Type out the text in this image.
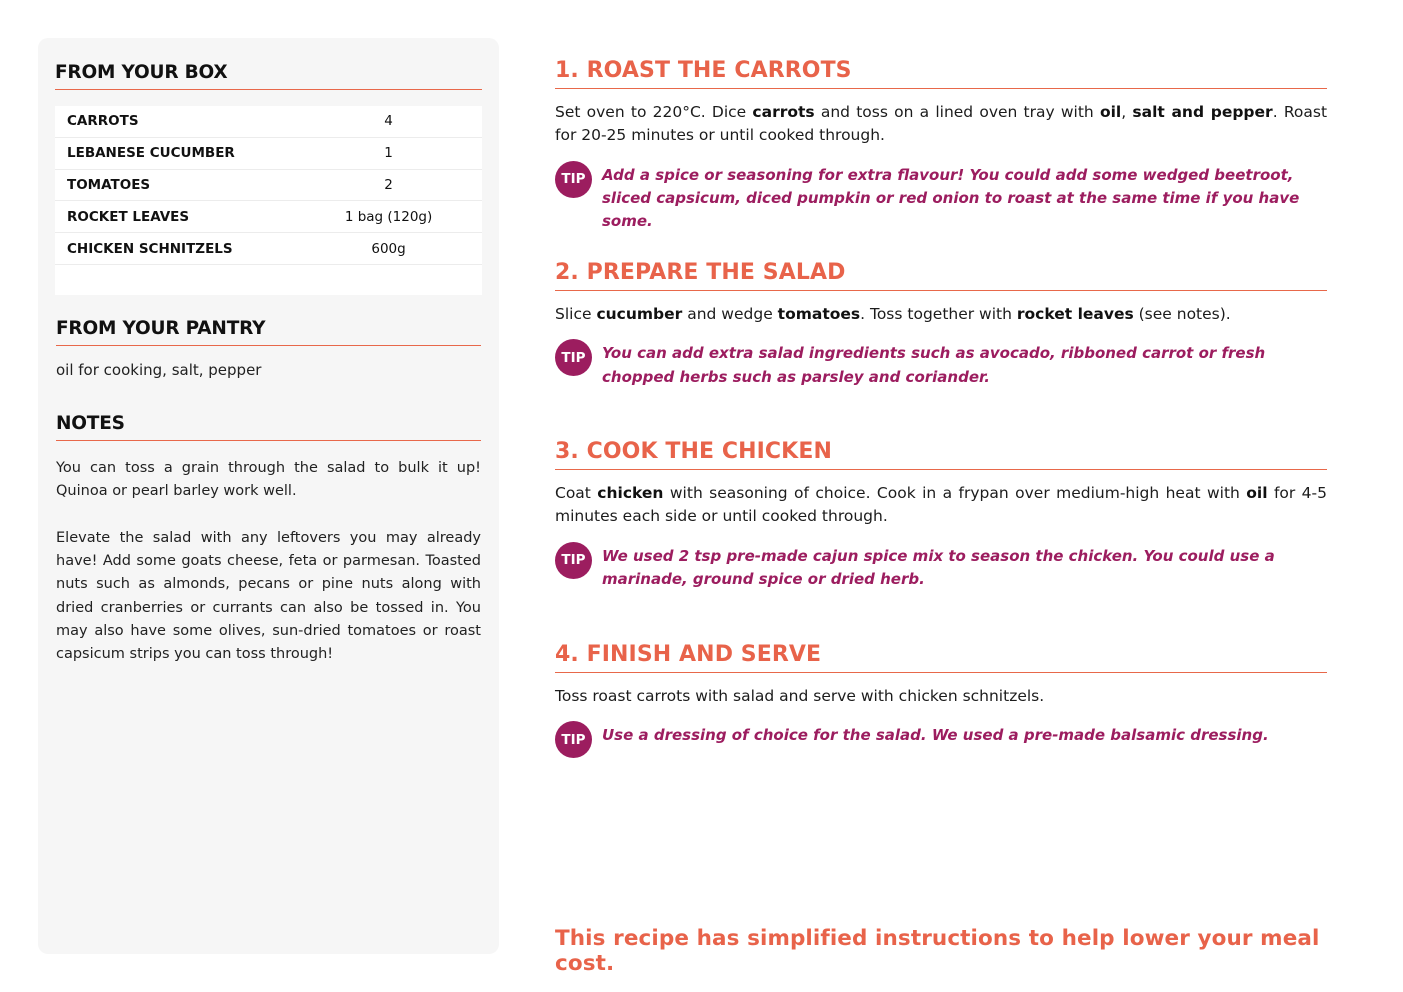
FROM YOUR BOX
CARROTS	4
LEBANESE CUCUMBER	1
TOMATOES	2
ROCKET LEAVES	1 bag (120g)
CHICKEN SCHNITZELS	600g
FROM YOUR PANTRY
oil for cooking, salt, pepper
NOTES

You can toss a grain through the salad to bulk it up! Quinoa or pearl barley work well.

Elevate the salad with any leftovers you may already have! Add some goats cheese, feta or parmesan. Toasted nuts such as almonds, pecans or pine nuts along with dried cranberries or currants can also be tossed in. You may also have some olives, sun-dried tomatoes or roast capsicum strips you can toss through!

1. ROAST THE CARROTS
Set oven to 220°C. Dice carrots and toss on a lined oven tray with oil, salt and pepper. Roast for 20-25 minutes or until cooked through.
TIP	Add a spice or seasoning for extra flavour! You could add some wedged beetroot, sliced capsicum, diced pumpkin or red onion to roast at the same time if you have some.
2. PREPARE THE SALAD
Slice cucumber and wedge tomatoes. Toss together with rocket leaves (see notes).
TIP	You can add extra salad ingredients such as avocado, ribboned carrot or fresh chopped herbs such as parsley and coriander.
3. COOK THE CHICKEN
Coat chicken with seasoning of choice. Cook in a frypan over medium-high heat with oil for 4-5 minutes each side or until cooked through.
TIP	We used 2 tsp pre-made cajun spice mix to season the chicken. You could use a marinade, ground spice or dried herb.
4. FINISH AND SERVE
Toss roast carrots with salad and serve with chicken schnitzels.
TIP	Use a dressing of choice for the salad. We used a pre-made balsamic dressing.
This recipe has simplified instructions to help lower your meal cost.
